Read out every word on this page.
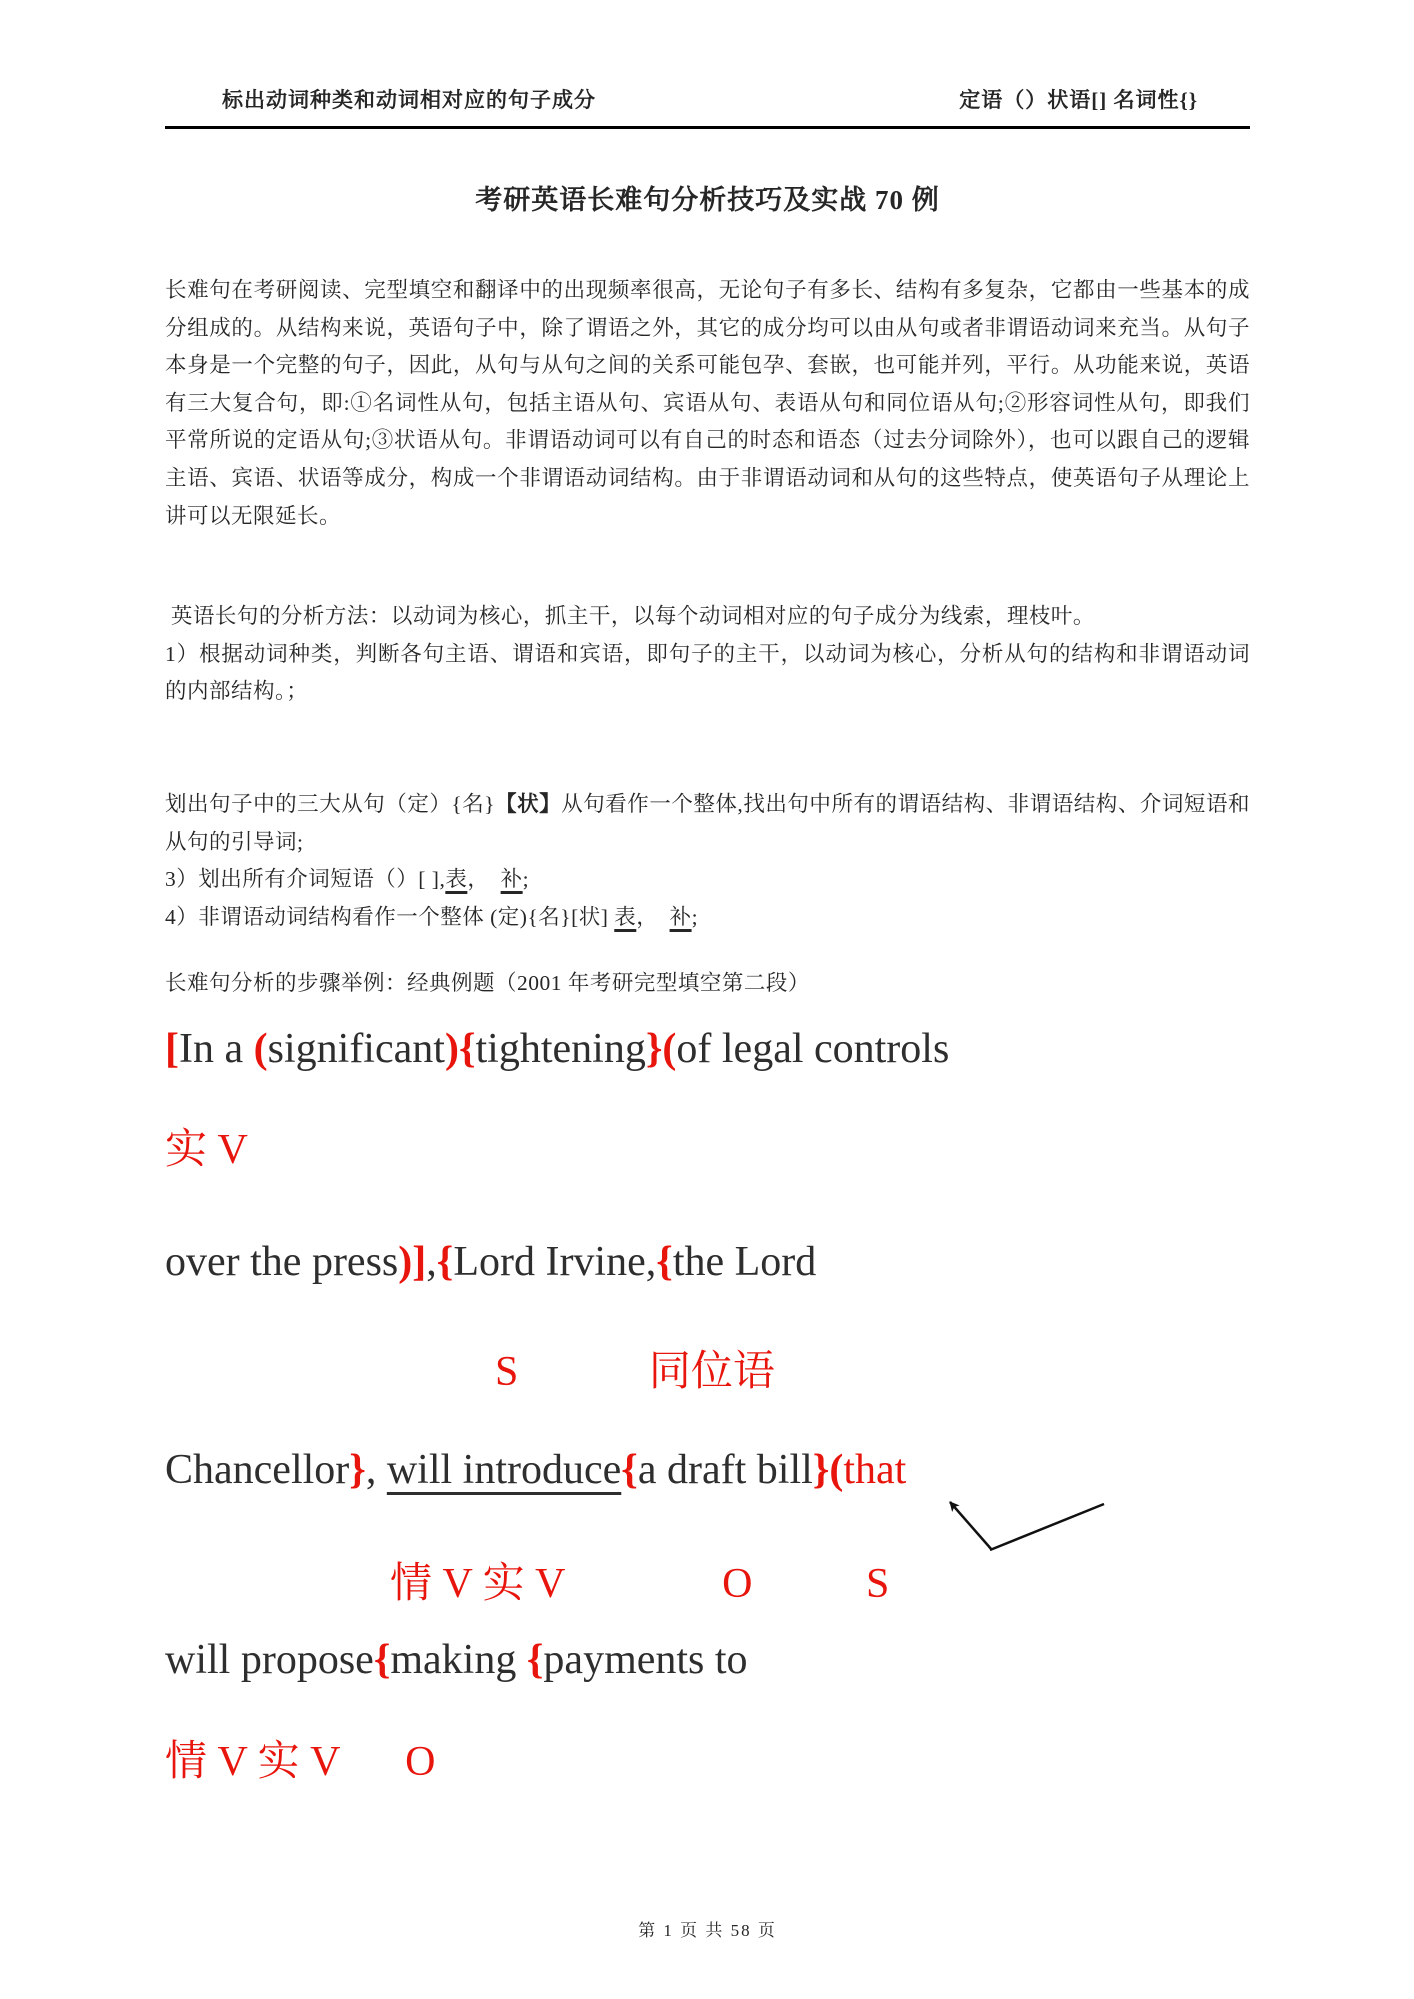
标出动词种类和动词相对应的句子成分	定语（）状语[] 名词性{}
考研英语长难句分析技巧及实战 70 例
长难句在考研阅读、完型填空和翻译中的出现频率很高，无论句子有多长、结构有多复杂，它都由一些基本的成分组成的。从结构来说，英语句子中，除了谓语之外，其它的成分均可以由从句或者非谓语动词来充当。从句子本身是一个完整的句子，因此，从句与从句之间的关系可能包孕、套嵌，也可能并列，平行。从功能来说，英语有三大复合句，即:①名词性从句，包括主语从句、宾语从句、表语从句和同位语从句;②形容词性从句，即我们平常所说的定语从句;③状语从句。非谓语动词可以有自己的时态和语态（过去分词除外），也可以跟自己的逻辑主语、宾语、状语等成分，构成一个非谓语动词结构。由于非谓语动词和从句的这些特点，使英语句子从理论上讲可以无限延长。
英语长句的分析方法：以动词为核心，抓主干，以每个动词相对应的句子成分为线索，理枝叶。
1）根据动词种类，判断各句主语、谓语和宾语，即句子的主干，以动词为核心，分析从句的结构和非谓语动词的内部结构。；
划出句子中的三大从句（定）{名}【状】从句看作一个整体,找出句中所有的谓语结构、非谓语结构、介词短语和从句的引导词;
3）划出所有介词短语（）[ ],表， 补;
4）非谓语动词结构看作一个整体 (定){名}[状] 表， 补;
长难句分析的步骤举例：经典例题（2001 年考研完型填空第二段）
[In a (significant){tightening}(of legal controls
实 V
over the press)],{Lord Irvine,{the Lord
S	同位语
Chancellor}, will introduce{a draft bill}(that
情 V 实 V	O	S
will propose{making {payments to
情 V 实 V O
第 1 页 共 58 页
